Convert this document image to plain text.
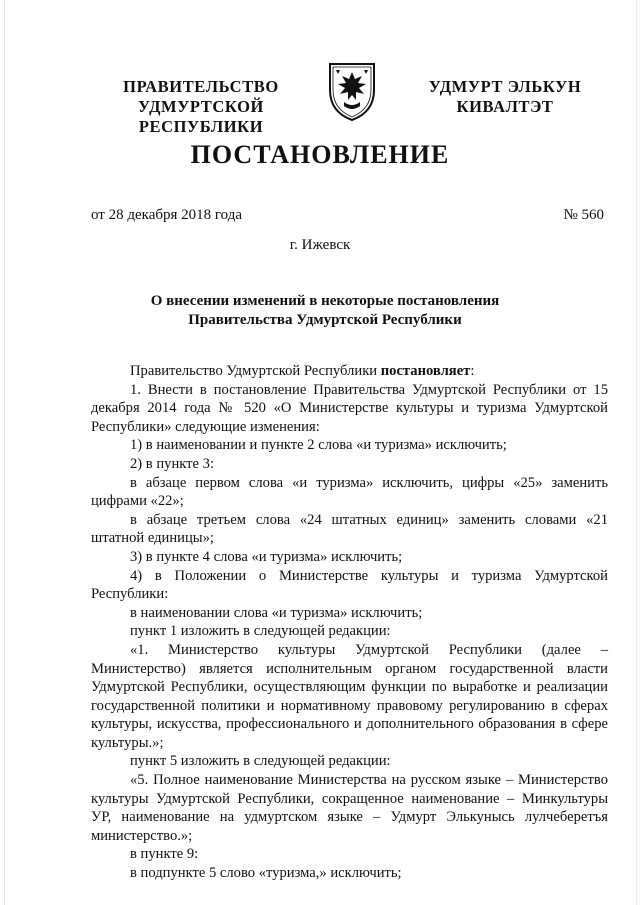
ПРАВИТЕЛЬСТВО
УДМУРТСКОЙ РЕСПУБЛИКИ
УДМУРТ ЭЛЬКУН
КИВАЛТЭТ
ПОСТАНОВЛЕНИЕ
от 28 декабря 2018 года	№ 560
г. Ижевск
О внесении изменений в некоторые постановления
Правительства Удмуртской Республики

Правительство Удмуртской Республики постановляет:

1. Внести в постановление Правительства Удмуртской Республики от 15 декабря 2014 года № 520 «О Министерстве культуры и туризма Удмуртской Республики» следующие изменения:

1) в наименовании и пункте 2 слова «и туризма» исключить;

2) в пункте 3:

в абзаце первом слова «и туризма» исключить, цифры «25» заменить цифрами «22»;

в абзаце третьем слова «24 штатных единиц» заменить словами «21 штатной единицы»;

3) в пункте 4 слова «и туризма» исключить;

4) в Положении о Министерстве культуры и туризма Удмуртской Республики:

в наименовании слова «и туризма» исключить;

пункт 1 изложить в следующей редакции:

«1. Министерство культуры Удмуртской Республики (далее – Министерство) является исполнительным органом государственной власти Удмуртской Республики, осуществляющим функции по выработке и реализации государственной политики и нормативному правовому регулированию в сферах культуры, искусства, профессионального и дополнительного образования в сфере культуры.»;

пункт 5 изложить в следующей редакции:

«5. Полное наименование Министерства на русском языке – Министерство культуры Удмуртской Республики, сокращенное наименование – Минкультуры УР, наименование на удмуртском языке – Удмурт Элькунысь лулчеберетъя министерство.»;

в пункте 9:

в подпункте 5 слово «туризма,» исключить;
